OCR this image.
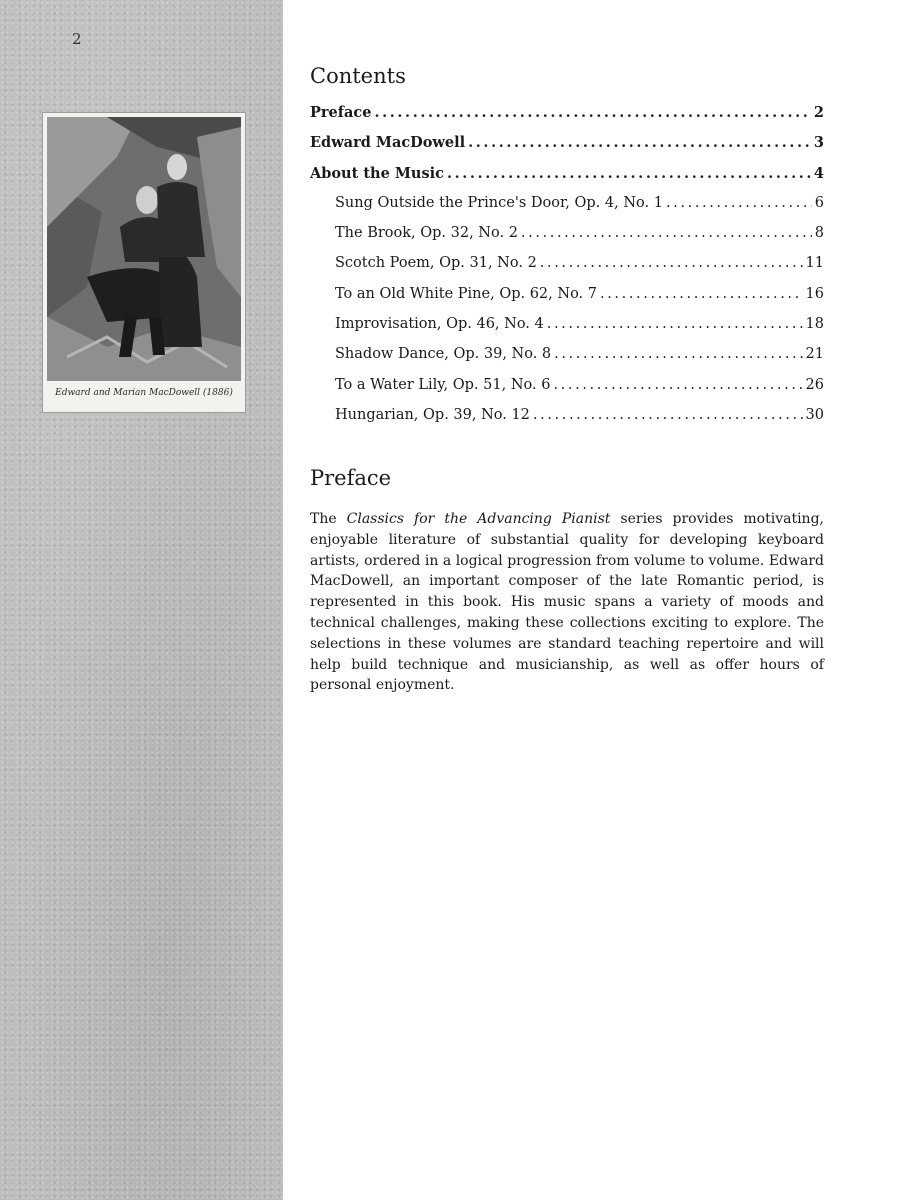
2
Edward and Marian MacDowell (1886)
Contents
Preface .....	2
Edward MacDowell .....	3
About the Music .....	4
Sung Outside the Prince's Door, Op. 4, No. 1 .....	6
The Brook, Op. 32, No. 2 .....	8
Scotch Poem, Op. 31, No. 2 .....	11
To an Old White Pine, Op. 62, No. 7 .....	16
Improvisation, Op. 46, No. 4 .....	18
Shadow Dance, Op. 39, No. 8 .....	21
To a Water Lily, Op. 51, No. 6 .....	26
Hungarian, Op. 39, No. 12 .....	30
Preface

The Classics for the Advancing Pianist series provides motivating, enjoyable literature of substantial quality for developing keyboard artists, ordered in a logical progression from volume to volume. Edward MacDowell, an important composer of the late Romantic period, is represented in this book. His music spans a variety of moods and technical challenges, making these collections exciting to explore. The selections in these volumes are standard teaching repertoire and will help build technique and musicianship, as well as offer hours of personal enjoyment.
